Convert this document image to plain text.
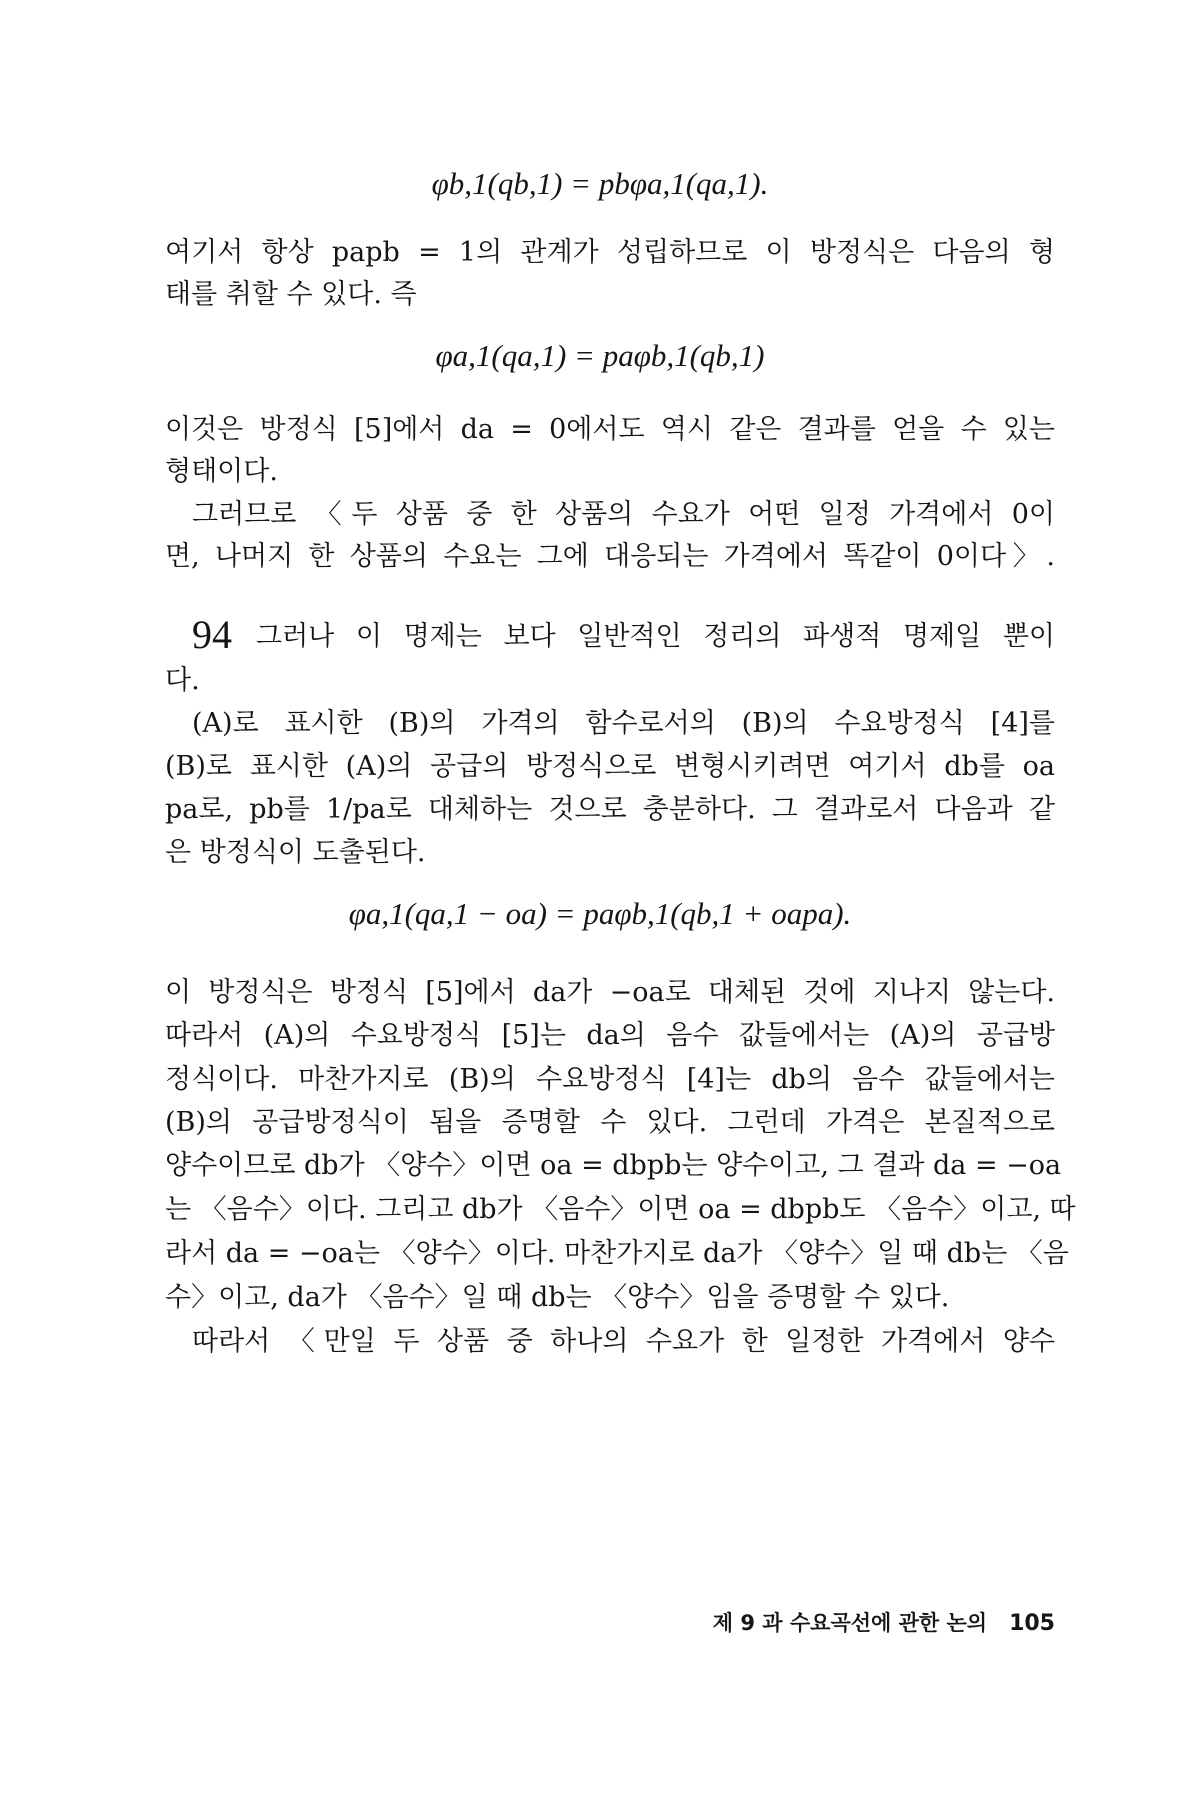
φb,1(qb,1) = pbφa,1(qa,1).
여기서 항상 papb = 1의 관계가 성립하므로 이 방정식은 다음의 형
태를 취할 수 있다. 즉
φa,1(qa,1) = paφb,1(qb,1)
이것은 방정식 [5]에서 da = 0에서도 역시 같은 결과를 얻을 수 있는
형태이다.
그러므로 〈두 상품 중 한 상품의 수요가 어떤 일정 가격에서 0이
면, 나머지 한 상품의 수요는 그에 대응되는 가격에서 똑같이 0이다〉.
94 그러나 이 명제는 보다 일반적인 정리의 파생적 명제일 뿐이
다.
(A)로 표시한 (B)의 가격의 함수로서의 (B)의 수요방정식 [4]를
(B)로 표시한 (A)의 공급의 방정식으로 변형시키려면 여기서 db를 oa
pa로, pb를 1/pa로 대체하는 것으로 충분하다. 그 결과로서 다음과 같
은 방정식이 도출된다.
φa,1(qa,1 − oa) = paφb,1(qb,1 + oapa).
이 방정식은 방정식 [5]에서 da가 −oa로 대체된 것에 지나지 않는다.
따라서 (A)의 수요방정식 [5]는 da의 음수 값들에서는 (A)의 공급방
정식이다. 마찬가지로 (B)의 수요방정식 [4]는 db의 음수 값들에서는
(B)의 공급방정식이 됨을 증명할 수 있다. 그런데 가격은 본질적으로
양수이므로 db가 〈양수〉이면 oa = dbpb는 양수이고, 그 결과 da = −oa
는 〈음수〉이다. 그리고 db가 〈음수〉이면 oa = dbpb도 〈음수〉이고, 따
라서 da = −oa는 〈양수〉이다. 마찬가지로 da가 〈양수〉일 때 db는 〈음
수〉이고, da가 〈음수〉일 때 db는 〈양수〉임을 증명할 수 있다.
따라서 〈만일 두 상품 중 하나의 수요가 한 일정한 가격에서 양수
제 9 과 수요곡선에 관한 논의 105
